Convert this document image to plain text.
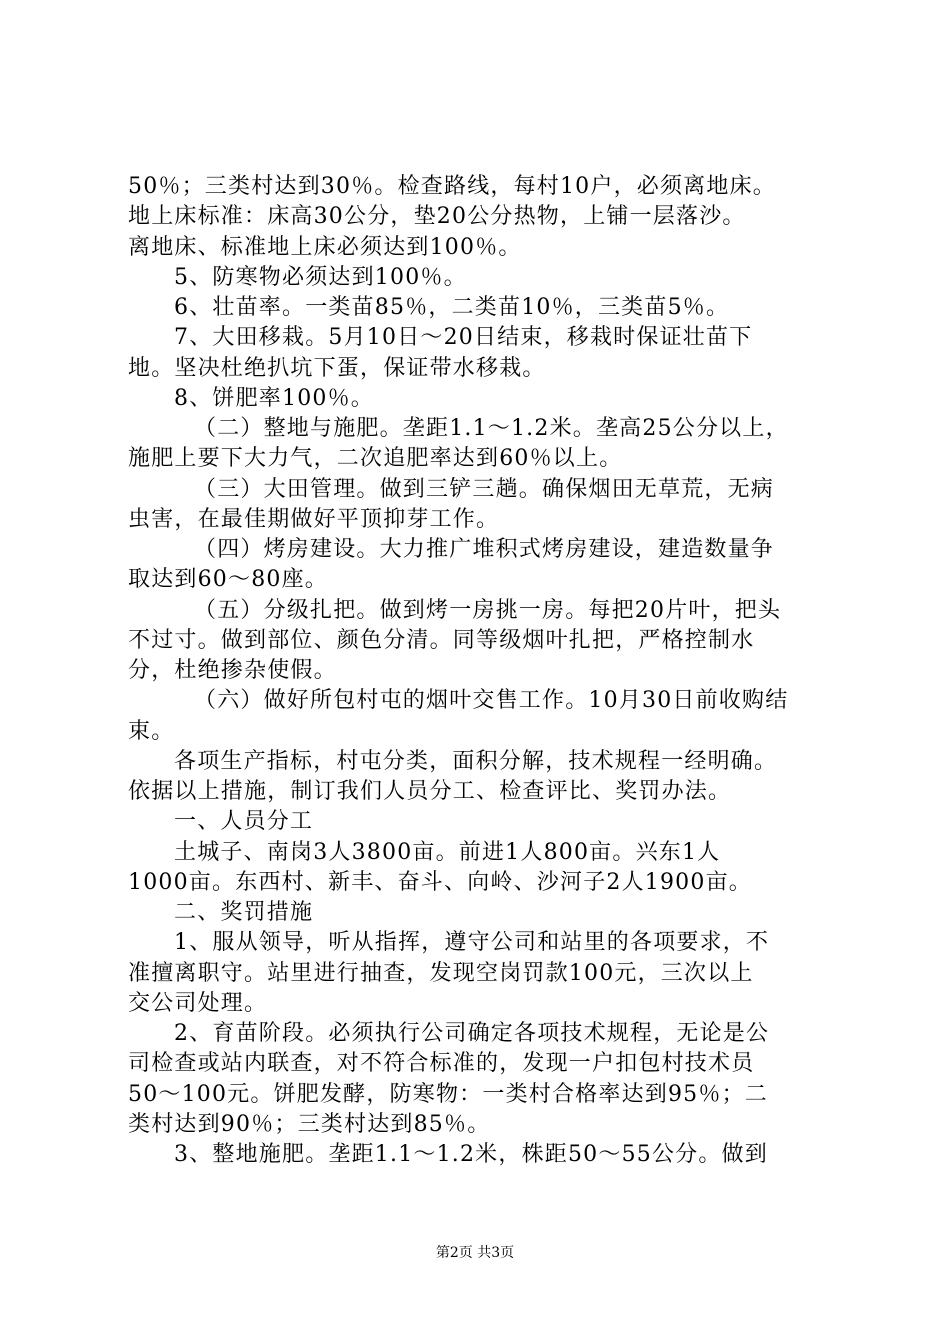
50％；三类村达到30％。检查路线，每村10户，必须离地床。
地上床标准：床高30公分，垫20公分热物，上铺一层落沙。
离地床、标准地上床必须达到100％。
5、防寒物必须达到100％。
6、壮苗率。一类苗85％，二类苗10％，三类苗5％。
7、大田移栽。5月10日～20日结束，移栽时保证壮苗下
地。坚决杜绝扒坑下蛋，保证带水移栽。
8、饼肥率100％。
（二）整地与施肥。垄距1.1～1.2米。垄高25公分以上，
施肥上要下大力气，二次追肥率达到60％以上。
（三）大田管理。做到三铲三趟。确保烟田无草荒，无病
虫害，在最佳期做好平顶抑芽工作。
（四）烤房建设。大力推广堆积式烤房建设，建造数量争
取达到60～80座。
（五）分级扎把。做到烤一房挑一房。每把20片叶，把头
不过寸。做到部位、颜色分清。同等级烟叶扎把，严格控制水
分，杜绝掺杂使假。
（六）做好所包村屯的烟叶交售工作。10月30日前收购结
束。
各项生产指标，村屯分类，面积分解，技术规程一经明确。
依据以上措施，制订我们人员分工、检查评比、奖罚办法。
一、人员分工
土城子、南岗3人3800亩。前进1人800亩。兴东1人
1000亩。东西村、新丰、奋斗、向岭、沙河子2人1900亩。
二、奖罚措施
1、服从领导，听从指挥，遵守公司和站里的各项要求，不
准擅离职守。站里进行抽查，发现空岗罚款100元，三次以上
交公司处理。
2、育苗阶段。必须执行公司确定各项技术规程，无论是公
司检查或站内联查，对不符合标准的，发现一户扣包村技术员
50～100元。饼肥发酵，防寒物：一类村合格率达到95％；二
类村达到90％；三类村达到85％。
3、整地施肥。垄距1.1～1.2米，株距50～55公分。做到
第2页 共3页
